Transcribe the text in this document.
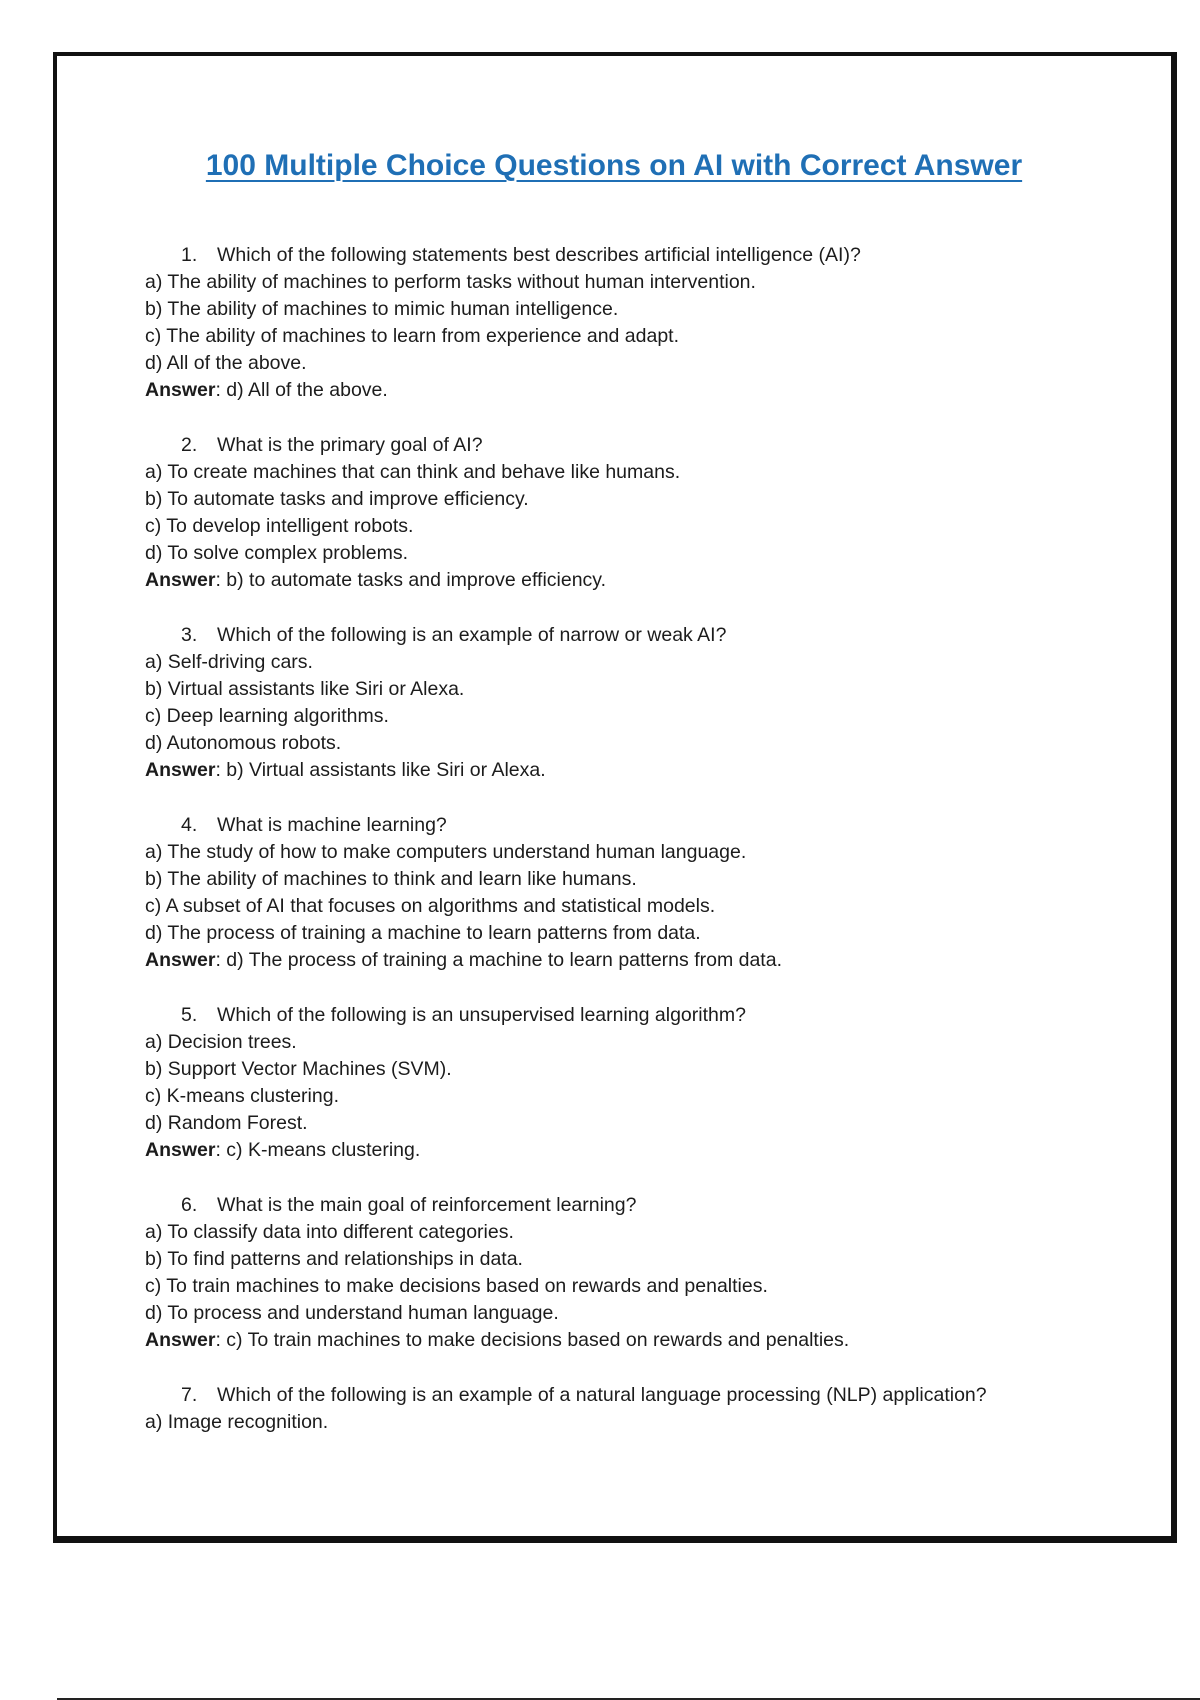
100 Multiple Choice Questions on AI with Correct Answer
1. Which of the following statements best describes artificial intelligence (AI)?
a) The ability of machines to perform tasks without human intervention.
b) The ability of machines to mimic human intelligence.
c) The ability of machines to learn from experience and adapt.
d) All of the above.
Answer: d) All of the above.
2. What is the primary goal of AI?
a) To create machines that can think and behave like humans.
b) To automate tasks and improve efficiency.
c) To develop intelligent robots.
d) To solve complex problems.
Answer: b) to automate tasks and improve efficiency.
3. Which of the following is an example of narrow or weak AI?
a) Self-driving cars.
b) Virtual assistants like Siri or Alexa.
c) Deep learning algorithms.
d) Autonomous robots.
Answer: b) Virtual assistants like Siri or Alexa.
4. What is machine learning?
a) The study of how to make computers understand human language.
b) The ability of machines to think and learn like humans.
c) A subset of AI that focuses on algorithms and statistical models.
d) The process of training a machine to learn patterns from data.
Answer: d) The process of training a machine to learn patterns from data.
5. Which of the following is an unsupervised learning algorithm?
a) Decision trees.
b) Support Vector Machines (SVM).
c) K-means clustering.
d) Random Forest.
Answer: c) K-means clustering.
6. What is the main goal of reinforcement learning?
a) To classify data into different categories.
b) To find patterns and relationships in data.
c) To train machines to make decisions based on rewards and penalties.
d) To process and understand human language.
Answer: c) To train machines to make decisions based on rewards and penalties.
7. Which of the following is an example of a natural language processing (NLP) application?
a) Image recognition.
